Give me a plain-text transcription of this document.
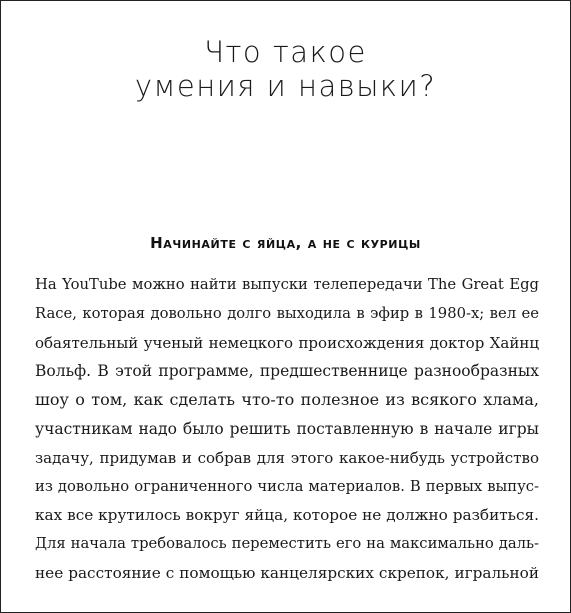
Что такое
умения и навыки?
Начинайте с яйца, а не с курицы
На YouTube можно найти выпуски телепередачи The Great Egg
Race, которая довольно долго выходила в эфир в 1980-х; вел ее
обаятельный ученый немецкого происхождения доктор Хайнц
Вольф. В этой программе, предшественнице разнообразных
шоу о том, как сделать что-то полезное из всякого хлама,
участникам надо было решить поставленную в начале игры
задачу, придумав и собрав для этого какое-нибудь устройство
из довольно ограниченного числа материалов. В первых выпус-
ках все крутилось вокруг яйца, которое не должно разбиться.
Для начала требовалось переместить его на максимально даль-
нее расстояние с помощью канцелярских скрепок, игральной
